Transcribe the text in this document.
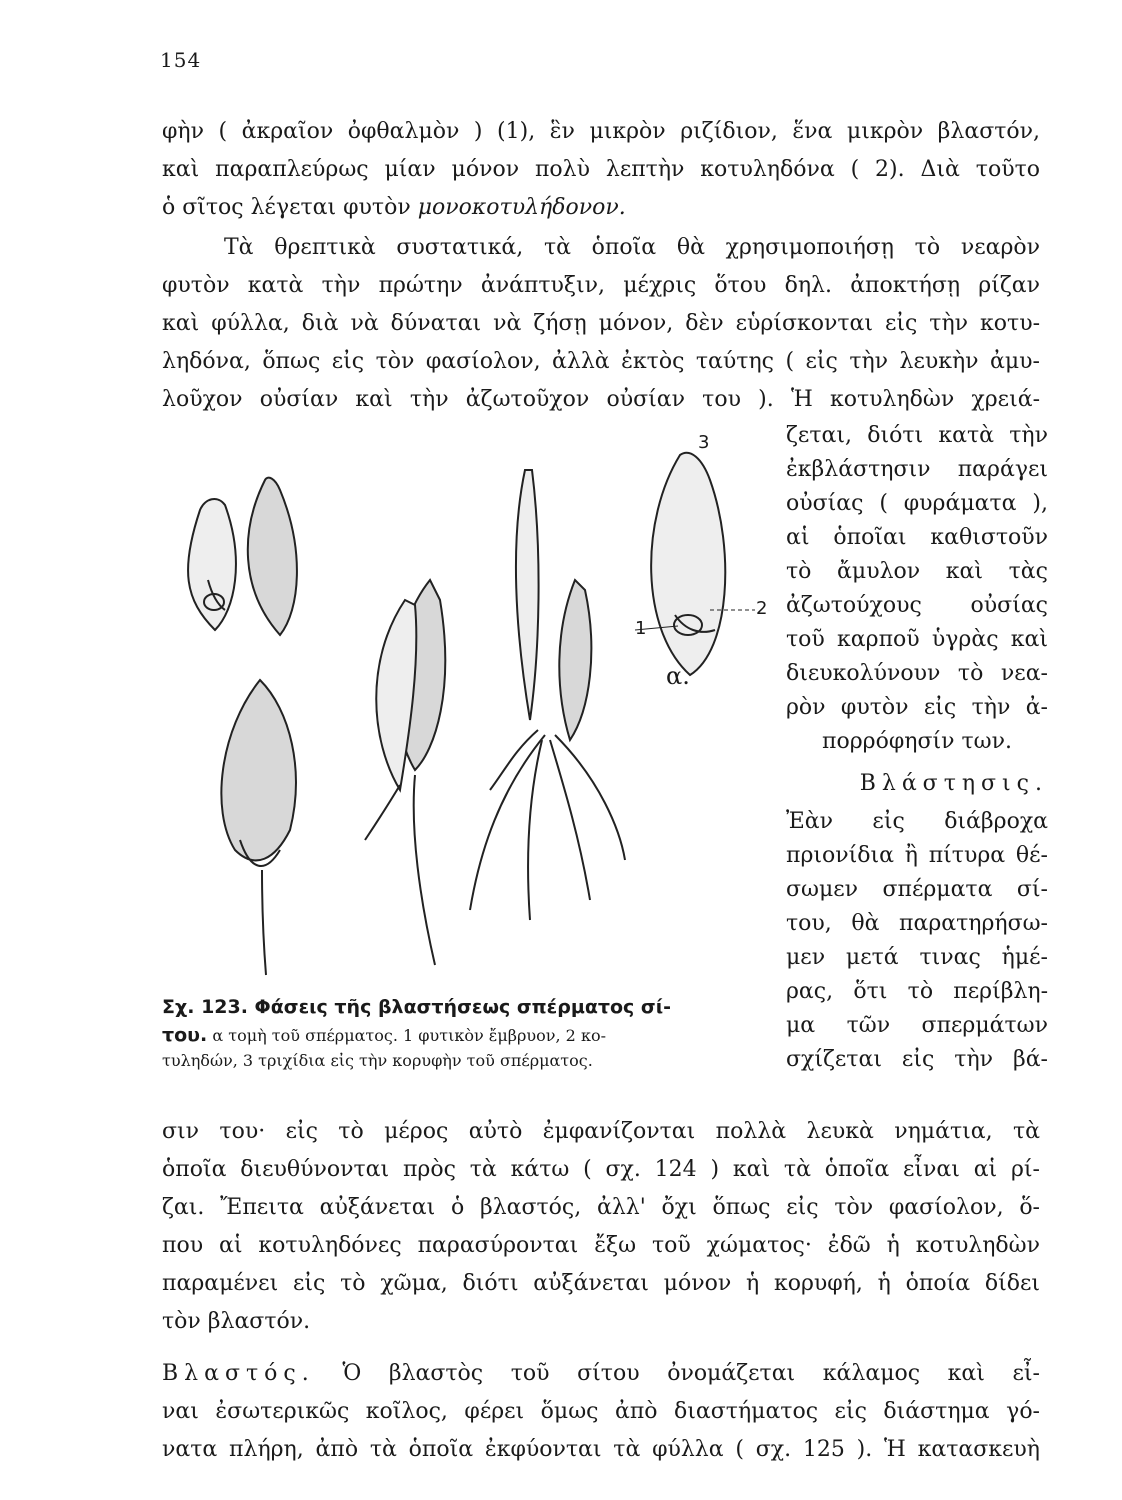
154
φὴν ( ἀκραῖον ὀφθαλμὸν ) (1), ἓν μικρὸν ριζίδιον, ἕνα μικρὸν βλαστόν,
καὶ παραπλεύρως μίαν μόνον πολὺ λεπτὴν κοτυληδόνα ( 2). Διὰ τοῦτο
ὁ σῖτος λέγεται φυτὸν μονοκοτυλήδονον.
Τὰ θρεπτικὰ συστατικά, τὰ ὁποῖα θὰ χρησιμοποιήσῃ τὸ νεαρὸν
φυτὸν κατὰ τὴν πρώτην ἀνάπτυξιν, μέχρις ὅτου δηλ. ἀποκτήσῃ ρίζαν
καὶ φύλλα, διὰ νὰ δύναται νὰ ζήσῃ μόνον, δὲν εὑρίσκονται εἰς τὴν κοτυ-
ληδόνα, ὅπως εἰς τὸν φασίολον, ἀλλὰ ἐκτὸς ταύτης ( εἰς τὴν λευκὴν ἀμυ-
λοῦχον οὐσίαν καὶ τὴν ἀζωτοῦχον οὐσίαν του ). Ἡ κοτυληδὼν χρειά-
ζεται, διότι κατὰ τὴν
ἐκβλάστησιν παράγει
οὐσίας ( φυράματα ),
αἱ ὁποῖαι καθιστοῦν
τὸ ἄμυλον καὶ τὰς
ἀζωτούχους οὐσίας
τοῦ καρποῦ ὑγρὰς καὶ
διευκολύνουν τὸ νεα-
ρὸν φυτὸν εἰς τὴν ἀ-
πορρόφησίν των.
Βλάστησις.
Ἐὰν εἰς διάβροχα
πριονίδια ἢ πίτυρα θέ-
σωμεν σπέρματα σί-
του, θὰ παρατηρήσω-
μεν μετά τινας ἡμέ-
ρας, ὅτι τὸ περίβλη-
μα τῶν σπερμάτων
σχίζεται εἰς τὴν βά-
1
2
3
α.
Σχ. 123. Φάσεις τῆς βλαστήσεως σπέρματος σί-
του. α τομὴ τοῦ σπέρματος. 1 φυτικὸν ἔμβρυον, 2 κο-
τυληδών, 3 τριχίδια εἰς τὴν κορυφὴν τοῦ σπέρματος.
σιν του· εἰς τὸ μέρος αὐτὸ ἐμφανίζονται πολλὰ λευκὰ νημάτια, τὰ
ὁποῖα διευθύνονται πρὸς τὰ κάτω ( σχ. 124 ) καὶ τὰ ὁποῖα εἶναι αἱ ρί-
ζαι. Ἔπειτα αὐξάνεται ὁ βλαστός, ἀλλ' ὄχι ὅπως εἰς τὸν φασίολον, ὅ-
που αἱ κοτυληδόνες παρασύρονται ἔξω τοῦ χώματος· ἐδῶ ἡ κοτυληδὼν
παραμένει εἰς τὸ χῶμα, διότι αὐξάνεται μόνον ἡ κορυφή, ἡ ὁποία δίδει
τὸν βλαστόν.
Βλαστός. Ὁ βλαστὸς τοῦ σίτου ὀνομάζεται κάλαμος καὶ εἶ-
ναι ἐσωτερικῶς κοῖλος, φέρει ὅμως ἀπὸ διαστήματος εἰς διάστημα γό-
νατα πλήρη, ἀπὸ τὰ ὁποῖα ἐκφύονται τὰ φύλλα ( σχ. 125 ). Ἡ κατασκευὴ
